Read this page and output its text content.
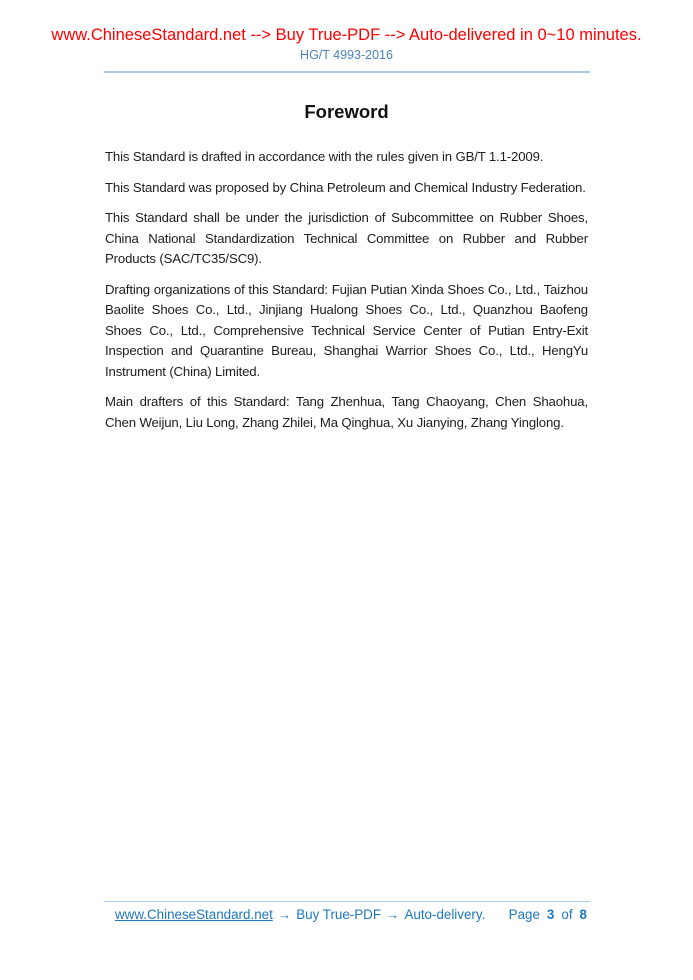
www.ChineseStandard.net --> Buy True-PDF --> Auto-delivered in 0~10 minutes.
HG/T 4993-2016
Foreword

This Standard is drafted in accordance with the rules given in GB/T 1.1-2009.

This Standard was proposed by China Petroleum and Chemical Industry Federation.

This Standard shall be under the jurisdiction of Subcommittee on Rubber Shoes, China National Standardization Technical Committee on Rubber and Rubber Products (SAC/TC35/SC9).

Drafting organizations of this Standard: Fujian Putian Xinda Shoes Co., Ltd., Taizhou Baolite Shoes Co., Ltd., Jinjiang Hualong Shoes Co., Ltd., Quanzhou Baofeng Shoes Co., Ltd., Comprehensive Technical Service Center of Putian Entry-Exit Inspection and Quarantine Bureau, Shanghai Warrior Shoes Co., Ltd., HengYu Instrument (China) Limited.

Main drafters of this Standard: Tang Zhenhua, Tang Chaoyang, Chen Shaohua, Chen Weijun, Liu Long, Zhang Zhilei, Ma Qinghua, Xu Jianying, Zhang Yinglong.

www.ChineseStandard.net → Buy True-PDF → Auto-delivery. Page 3 of 8
